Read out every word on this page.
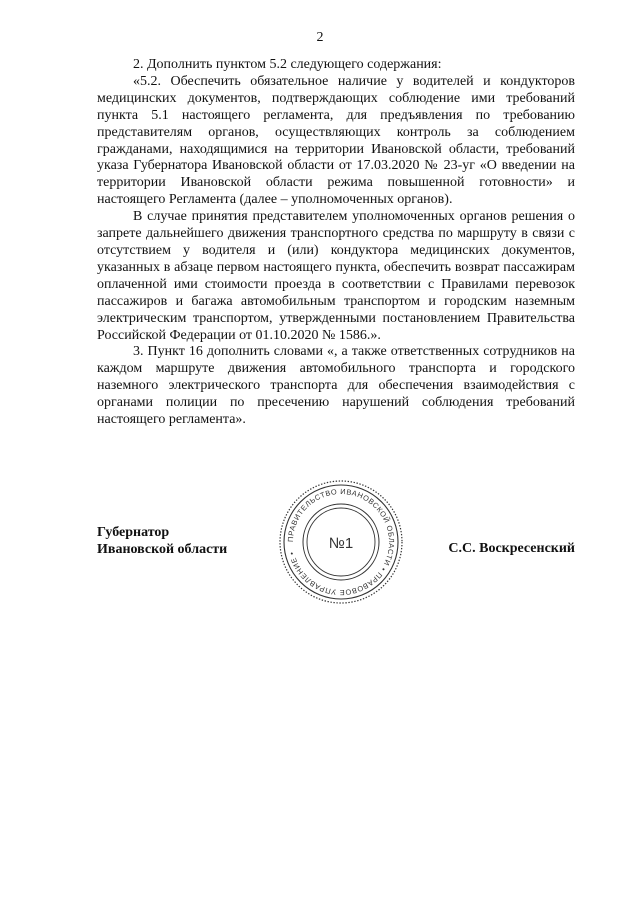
2

2. Дополнить пунктом 5.2 следующего содержания:

«5.2. Обеспечить обязательное наличие у водителей и кондукторов медицинских документов, подтверждающих соблюдение ими требований пункта 5.1 настоящего регламента, для предъявления по требованию представителям органов, осуществляющих контроль за соблюдением гражданами, находящимися на территории Ивановской области, требований указа Губернатора Ивановской области от 17.03.2020 № 23-уг «О введении на территории Ивановской области режима повышенной готовности» и настоящего Регламента (далее – уполномоченных органов).

В случае принятия представителем уполномоченных органов решения о запрете дальнейшего движения транспортного средства по маршруту в связи с отсутствием у водителя и (или) кондуктора медицинских документов, указанных в абзаце первом настоящего пункта, обеспечить возврат пассажирам оплаченной ими стоимости проезда в соответствии с Правилами перевозок пассажиров и багажа автомобильным транспортом и городским наземным электрическим транспортом, утвержденными постановлением Правительства Российской Федерации от 01.10.2020 № 1586.».

3. Пункт 16 дополнить словами «, а также ответственных сотрудников на каждом маршруте движения автомобильного транспорта и городского наземного электрического транспорта для обеспечения взаимодействия с органами полиции по пресечению нарушений соблюдения требований настоящего регламента».

Губернатор
Ивановской области	С.С. Воскресенский
ПРАВИТЕЛЬСТВО ИВАНОВСКОЙ ОБЛАСТИ • ПРАВОВОЕ УПРАВЛЕНИЕ •
№1
